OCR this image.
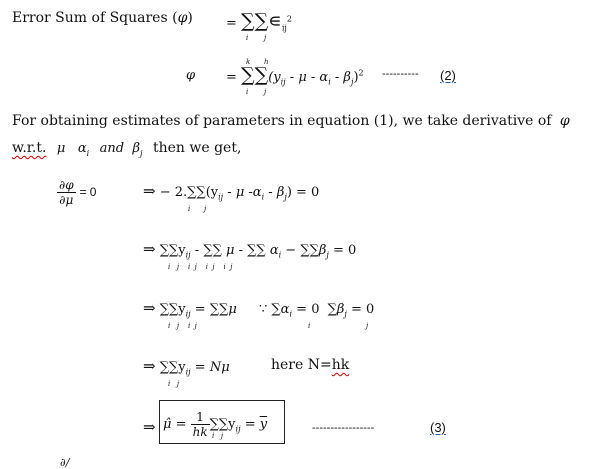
Error Sum of Squares (φ)	= $\sum\sum∊_{ij}^2$
i j
φ
k h
= $\sum\sum(y_{ij}$ - μ - $\alpha_i - \beta_j)^2$
i j
---------- (2)
For obtaining estimates of parameters in equation (1), we take derivative of φ
w.r.t. μ $\alpha_i$ and $\beta_j$ then we get,
$\frac{\partial\varphi}{\partial\mu} = 0$	⇒ − $2.\sum\sum(y_{ij}$ - μ $-\alpha_i - \beta_j) = 0$
i j
⇒ $\sum\sum y_{ij}$ - ∑∑ μ - ∑∑ $\alpha_i - \sum\sum\beta_j = 0$
i   j    i  j    i  j    i  j
⇒ $\sum\sum y_{ij} = \sum\sum\mu$ ∵ $\sum\alpha_i = 0$ $\sum\beta_j = 0$
i   j    i  j	i	j
⇒ $\sum\sum y_{ij} = N\mu$	here N=hk
i   j
⇒ μ̂ = $\frac{1}{hk} \sum\sum y_{ij} = \overline{y}$
i   j
-----------------	(3)
∂/
